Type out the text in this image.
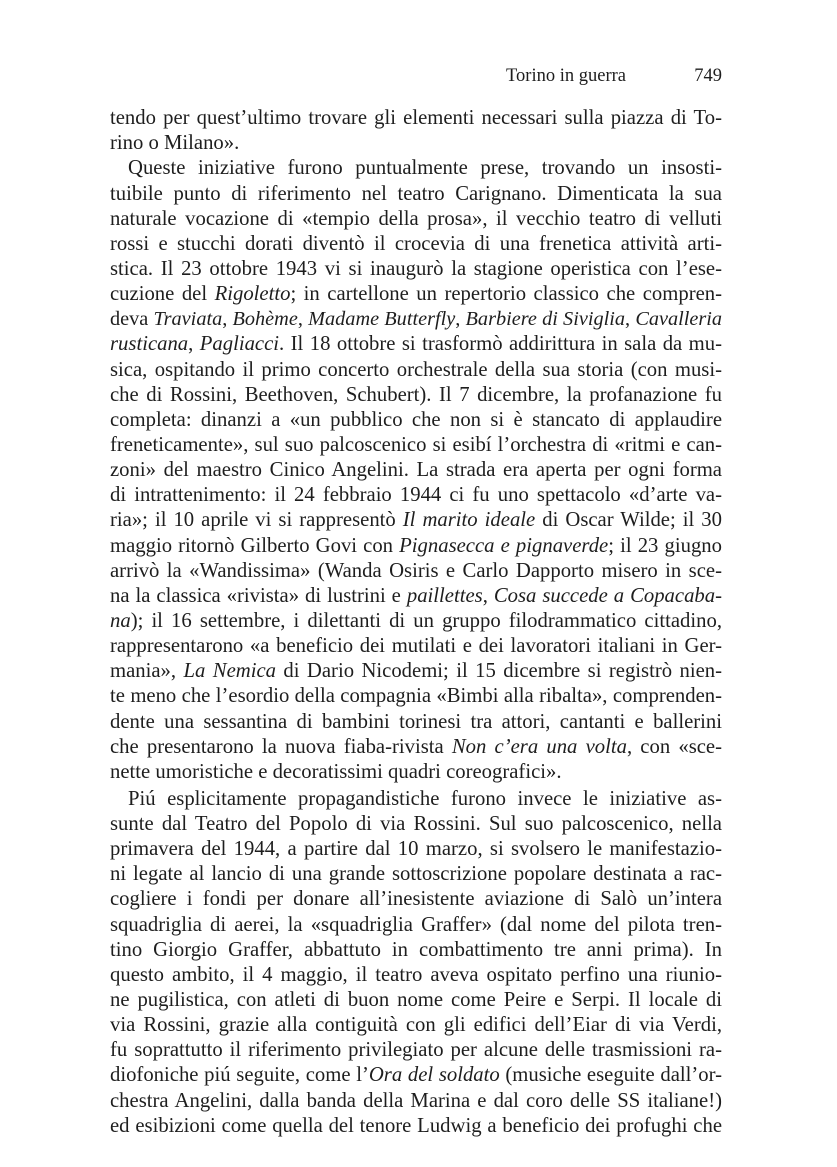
Torino in guerra	749
tendo per quest’ultimo trovare gli elementi necessari sulla piazza di To-
rino o Milano».
Queste iniziative furono puntualmente prese, trovando un insosti-
tuibile punto di riferimento nel teatro Carignano. Dimenticata la sua
naturale vocazione di «tempio della prosa», il vecchio teatro di velluti
rossi e stucchi dorati diventò il crocevia di una frenetica attività arti-
stica. Il 23 ottobre 1943 vi si inaugurò la stagione operistica con l’ese-
cuzione del Rigoletto; in cartellone un repertorio classico che compren-
deva Traviata, Bohème, Madame Butterfly, Barbiere di Siviglia, Cavalleria
rusticana, Pagliacci. Il 18 ottobre si trasformò addirittura in sala da mu-
sica, ospitando il primo concerto orchestrale della sua storia (con musi-
che di Rossini, Beethoven, Schubert). Il 7 dicembre, la profanazione fu
completa: dinanzi a «un pubblico che non si è stancato di applaudire
freneticamente», sul suo palcoscenico si esibí l’orchestra di «ritmi e can-
zoni» del maestro Cinico Angelini. La strada era aperta per ogni forma
di intrattenimento: il 24 febbraio 1944 ci fu uno spettacolo «d’arte va-
ria»; il 10 aprile vi si rappresentò Il marito ideale di Oscar Wilde; il 30
maggio ritornò Gilberto Govi con Pignasecca e pignaverde; il 23 giugno
arrivò la «Wandissima» (Wanda Osiris e Carlo Dapporto misero in sce-
na la classica «rivista» di lustrini e paillettes, Cosa succede a Copacaba-
na); il 16 settembre, i dilettanti di un gruppo filodrammatico cittadino,
rappresentarono «a beneficio dei mutilati e dei lavoratori italiani in Ger-
mania», La Nemica di Dario Nicodemi; il 15 dicembre si registrò nien-
te meno che l’esordio della compagnia «Bimbi alla ribalta», comprenden-
dente una sessantina di bambini torinesi tra attori, cantanti e ballerini
che presentarono la nuova fiaba-rivista Non c’era una volta, con «sce-
nette umoristiche e decoratissimi quadri coreografici».
Piú esplicitamente propagandistiche furono invece le iniziative as-
sunte dal Teatro del Popolo di via Rossini. Sul suo palcoscenico, nella
primavera del 1944, a partire dal 10 marzo, si svolsero le manifestazio-
ni legate al lancio di una grande sottoscrizione popolare destinata a rac-
cogliere i fondi per donare all’inesistente aviazione di Salò un’intera
squadriglia di aerei, la «squadriglia Graffer» (dal nome del pilota tren-
tino Giorgio Graffer, abbattuto in combattimento tre anni prima). In
questo ambito, il 4 maggio, il teatro aveva ospitato perfino una riunio-
ne pugilistica, con atleti di buon nome come Peire e Serpi. Il locale di
via Rossini, grazie alla contiguità con gli edifici dell’Eiar di via Verdi,
fu soprattutto il riferimento privilegiato per alcune delle trasmissioni ra-
diofoniche piú seguite, come l’Ora del soldato (musiche eseguite dall’or-
chestra Angelini, dalla banda della Marina e dal coro delle SS italiane!)
ed esibizioni come quella del tenore Ludwig a beneficio dei profughi che
